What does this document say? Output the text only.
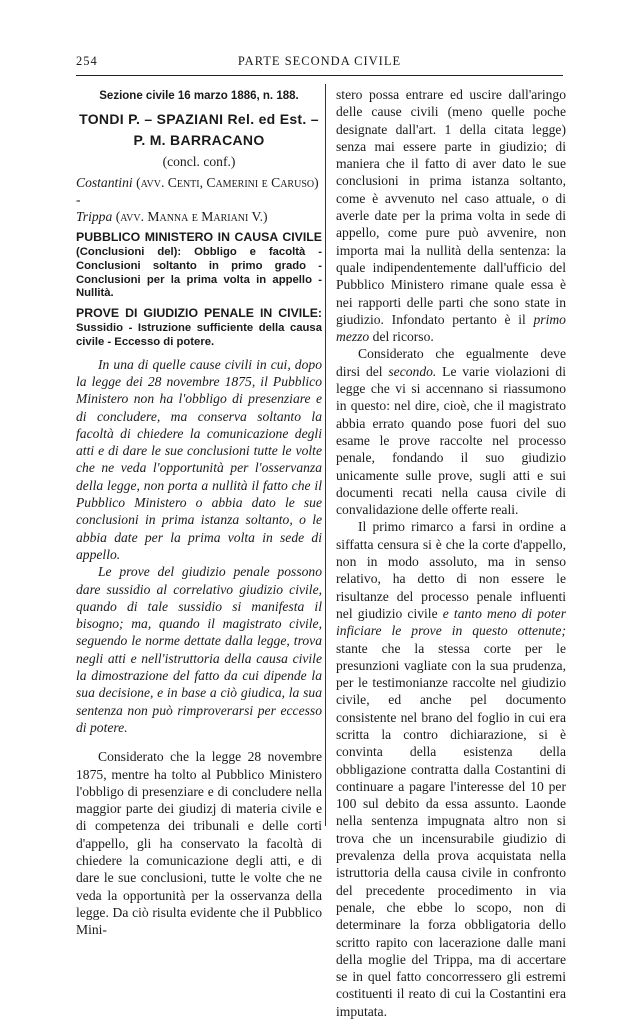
254	PARTE SECONDA CIVILE
Sezione civile 16 marzo 1886, n. 188.
TONDI P. – SPAZIANI Rel. ed Est. –
P. M. BARRACANO
(concl. conf.)

Costantini (avv. Centi, Camerini e Caruso) -

Trippa (avv. Manna e Mariani V.)

PUBBLICO MINISTERO IN CAUSA CIVILE (Conclusioni del): Obbligo e facoltà - Conclusioni soltanto in primo grado - Conclusioni per la prima volta in appello - Nullità.
PROVE DI GIUDIZIO PENALE IN CIVILE: Sussidio - Istruzione sufficiente della causa civile - Eccesso di potere.

In una di quelle cause civili in cui, dopo la legge dei 28 novembre 1875, il Pubblico Ministero non ha l'obbligo di presenziare e di concludere, ma conserva soltanto la facoltà di chiedere la comunicazione degli atti e di dare le sue conclusioni tutte le volte che ne veda l'opportunità per l'osservanza della legge, non porta a nullità il fatto che il Pubblico Ministero o abbia dato le sue conclusioni in prima istanza soltanto, o le abbia date per la prima volta in sede di appello.

Le prove del giudizio penale possono dare sussidio al correlativo giudizio civile, quando di tale sussidio si manifesta il bisogno; ma, quando il magistrato civile, seguendo le norme dettate dalla legge, trova negli atti e nell'istruttoria della causa civile la dimostrazione del fatto da cui dipende la sua decisione, e in base a ciò giudica, la sua sentenza non può rimproverarsi per eccesso di potere.

Considerato che la legge 28 novembre 1875, mentre ha tolto al Pubblico Ministero l'obbligo di presenziare e di concludere nella maggior parte dei giudizj di materia civile e di competenza dei tribunali e delle corti d'appello, gli ha conservato la facoltà di chiedere la comunicazione degli atti, e di dare le sue conclusioni, tutte le volte che ne veda la opportunità per la osservanza della legge. Da ciò risulta evidente che il Pubblico Mini-

stero possa entrare ed uscire dall'aringo delle cause civili (meno quelle poche designate dall'art. 1 della citata legge) senza mai essere parte in giudizio; di maniera che il fatto di aver dato le sue conclusioni in prima istanza soltanto, come è avvenuto nel caso attuale, o di averle date per la prima volta in sede di appello, come pure può avvenire, non importa mai la nullità della sentenza: la quale indipendentemente dall'ufficio del Pubblico Ministero rimane quale essa è nei rapporti delle parti che sono state in giudizio. Infondato pertanto è il primo mezzo del ricorso.

Considerato che egualmente deve dirsi del secondo. Le varie violazioni di legge che vi si accennano si riassumono in questo: nel dire, cioè, che il magistrato abbia errato quando pose fuori del suo esame le prove raccolte nel processo penale, fondando il suo giudizio unicamente sulle prove, sugli atti e sui documenti recati nella causa civile di convalidazione delle offerte reali.

Il primo rimarco a farsi in ordine a siffatta censura si è che la corte d'appello, non in modo assoluto, ma in senso relativo, ha detto di non essere le risultanze del processo penale influenti nel giudizio civile e tanto meno di poter inficiare le prove in questo ottenute; stante che la stessa corte per le presunzioni vagliate con la sua prudenza, per le testimonianze raccolte nel giudizio civile, ed anche pel documento consistente nel brano del foglio in cui era scritta la contro dichiarazione, si è convinta della esistenza della obbligazione contratta dalla Costantini di continuare a pagare l'interesse del 10 per 100 sul debito da essa assunto. Laonde nella sentenza impugnata altro non si trova che un incensurabile giudizio di prevalenza della prova acquistata nella istruttoria della causa civile in confronto del precedente procedimento in via penale, che ebbe lo scopo, non di determinare la forza obbligatoria dello scritto rapito con lacerazione dalle mani della moglie del Trippa, ma di accertare se in quel fatto concorressero gli estremi costituenti il reato di cui la Costantini era imputata.
